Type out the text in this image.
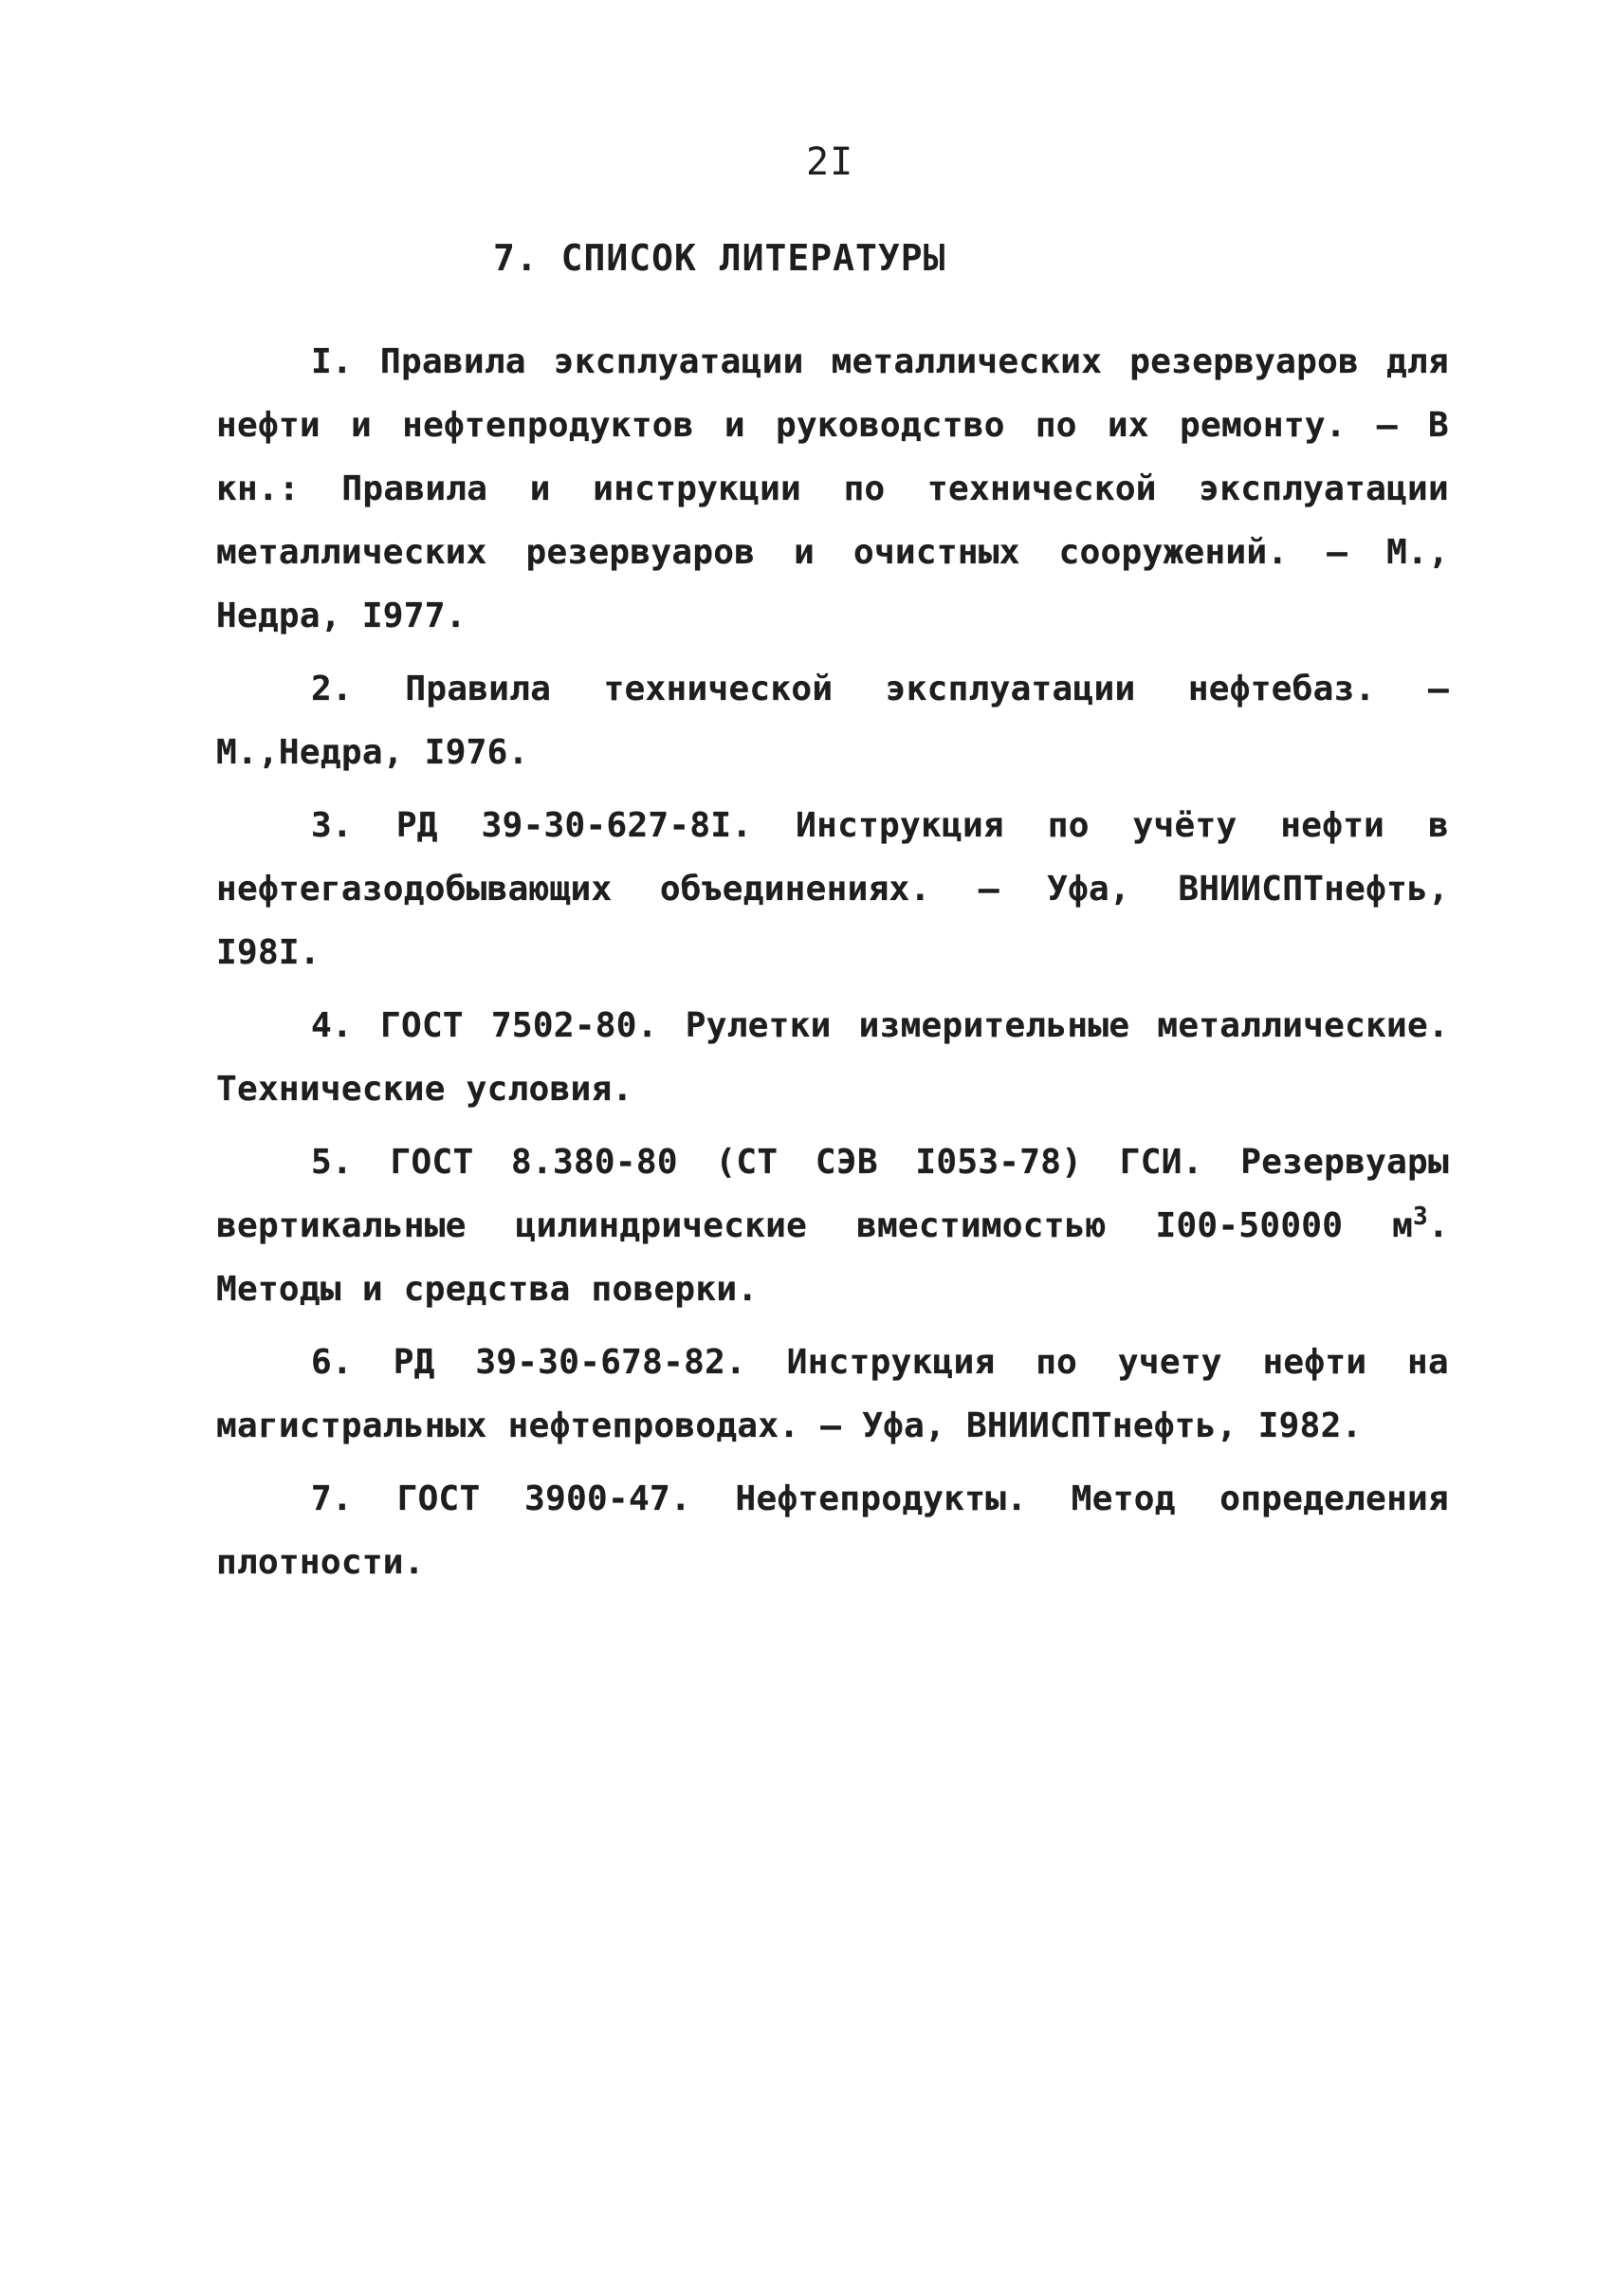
2I
7. СПИСОК ЛИТЕРАТУРЫ

I. Правила эксплуатации металлических резервуаров для нефти и нефтепродуктов и руководство по их ремонту. – В кн.: Правила и инструкции по технической эксплуатации металлических резервуаров и очистных сооружений. – М., Недра, I977.

2. Правила технической эксплуатации нефтебаз. – М.,Недра, I976.

3. РД 39-30-627-8I. Инструкция по учёту нефти в нефтегазодобывающих объединениях. – Уфа, ВНИИСПТнефть, I98I.

4. ГОСТ 7502-80. Рулетки измерительные металлические. Технические условия.

5. ГОСТ 8.380-80 (СТ СЭВ I053-78) ГСИ. Резервуары вертикальные цилиндрические вместимостью I00-50000 $м^3$. Методы и средства поверки.

6. РД 39-30-678-82. Инструкция по учету нефти на магистральных нефтепроводах. – Уфа, ВНИИСПТнефть, I982.

7. ГОСТ 3900-47. Нефтепродукты. Метод определения плотности.
